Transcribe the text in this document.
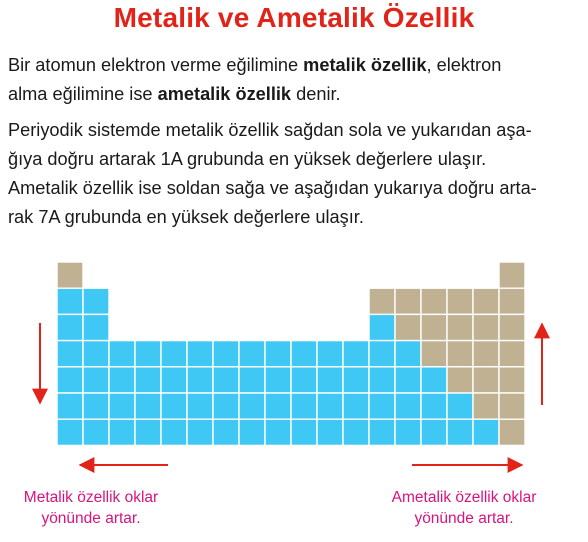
Metalik ve Ametalik Özellik

Bir atomun elektron verme eğilimine metalik özellik, elektron
alma eğilimine ise ametalik özellik denir.

Periyodik sistemde metalik özellik sağdan sola ve yukarıdan aşa-
ğıya doğru artarak 1A grubunda en yüksek değerlere ulaşır.

Ametalik özellik ise soldan sağa ve aşağıdan yukarıya doğru arta-
rak 7A grubunda en yüksek değerlere ulaşır.

Metalik özellik oklar
yönünde artar.
Ametalik özellik oklar
yönünde artar.
